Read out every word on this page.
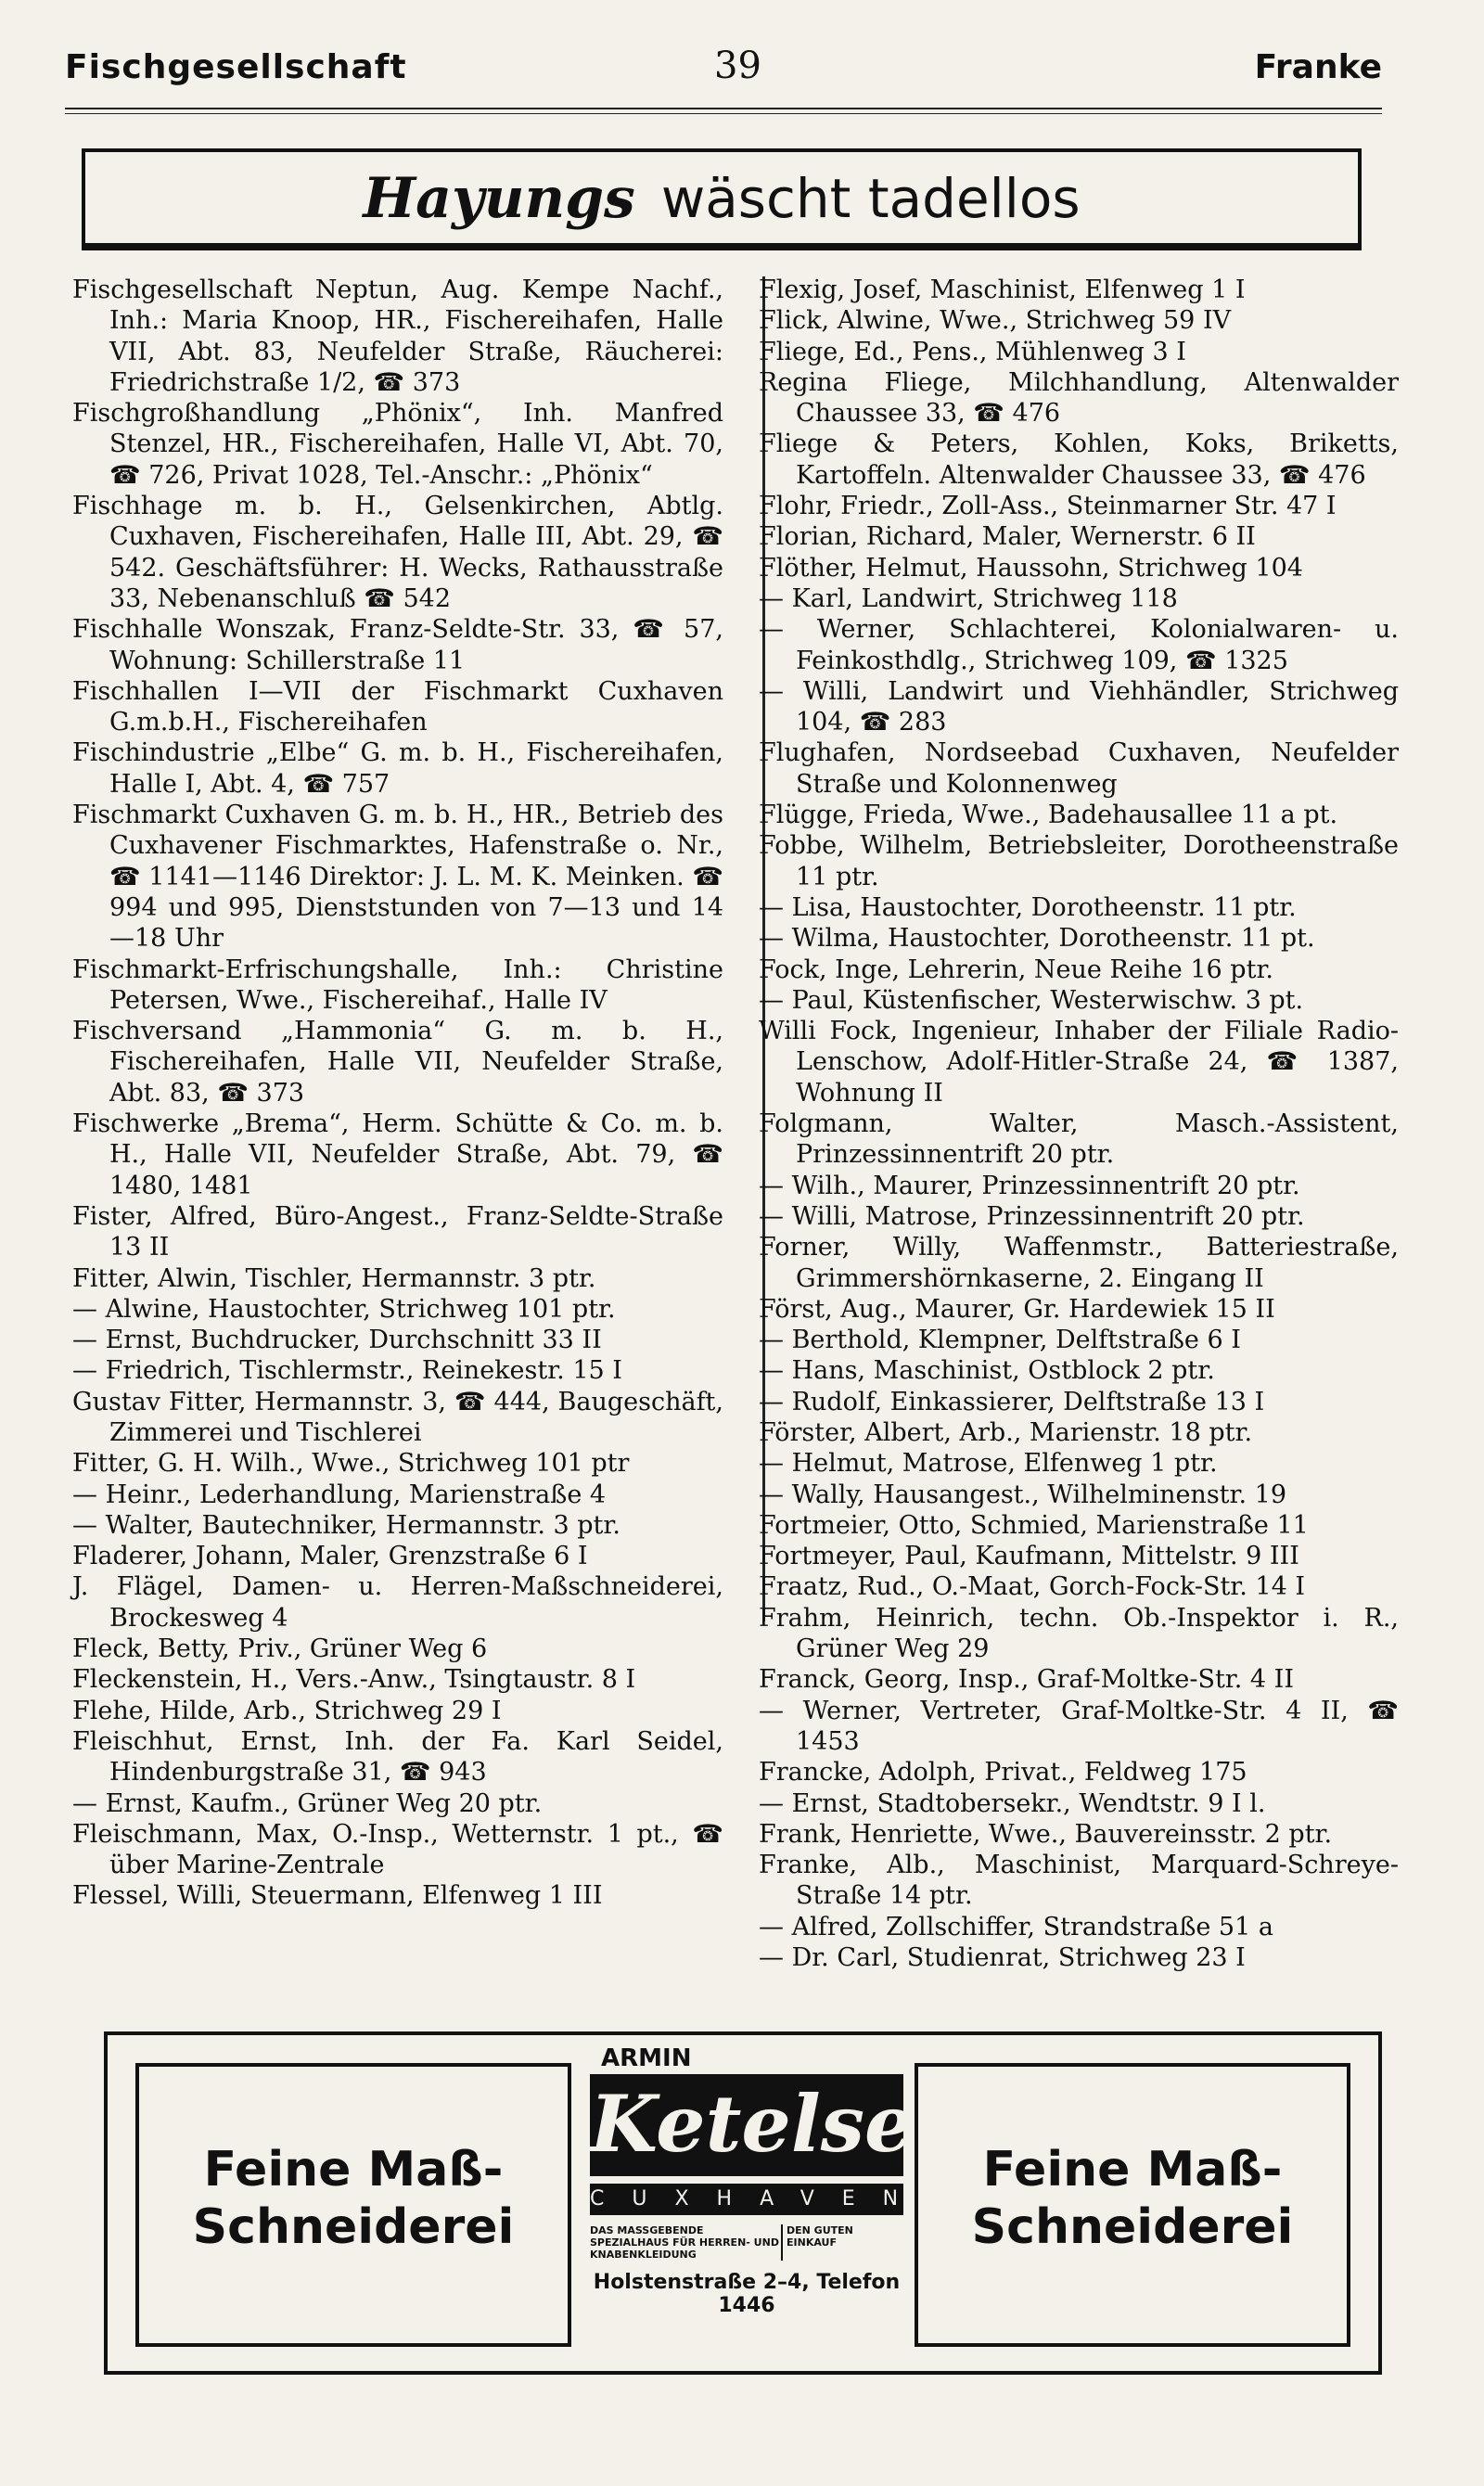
Fischgesellschaft	39	Franke
Hayungs wäscht tadellos
Fischgesellschaft Neptun, Aug. Kempe Nachf., Inh.: Maria Knoop, HR., Fischereihafen, Halle VII, Abt. 83, Neufelder Straße, Räucherei: Friedrichstraße 1/2, ☎ 373
Fischgroßhandlung „Phönix“, Inh. Manfred Stenzel, HR., Fischereihafen, Halle VI, Abt. 70, ☎ 726, Privat 1028, Tel.-Anschr.: „Phönix“
Fischhage m. b. H., Gelsenkirchen, Abtlg. Cuxhaven, Fischereihafen, Halle III, Abt. 29, ☎ 542. Geschäftsführer: H. Wecks, Rathausstraße 33, Nebenanschluß ☎ 542
Fischhalle Wonszak, Franz-Seldte-Str. 33, ☎ 57, Wohnung: Schillerstraße 11
Fischhallen I—VII der Fischmarkt Cuxhaven G.m.b.H., Fischereihafen
Fischindustrie „Elbe“ G. m. b. H., Fischereihafen, Halle I, Abt. 4, ☎ 757
Fischmarkt Cuxhaven G. m. b. H., HR., Betrieb des Cuxhavener Fischmarktes, Hafenstraße o. Nr., ☎ 1141—1146 Direktor: J. L. M. K. Meinken. ☎ 994 und 995, Dienststunden von 7—13 und 14—18 Uhr
Fischmarkt-Erfrischungshalle, Inh.: Christine Petersen, Wwe., Fischereihaf., Halle IV
Fischversand „Hammonia“ G. m. b. H., Fischereihafen, Halle VII, Neufelder Straße, Abt. 83, ☎ 373
Fischwerke „Brema“, Herm. Schütte & Co. m. b. H., Halle VII, Neufelder Straße, Abt. 79, ☎ 1480, 1481
Fister, Alfred, Büro-Angest., Franz-Seldte-Straße 13 II
Fitter, Alwin, Tischler, Hermannstr. 3 ptr.
— Alwine, Haustochter, Strichweg 101 ptr.
— Ernst, Buchdrucker, Durchschnitt 33 II
— Friedrich, Tischlermstr., Reinekestr. 15 I
Gustav Fitter, Hermannstr. 3, ☎ 444, Baugeschäft, Zimmerei und Tischlerei
Fitter, G. H. Wilh., Wwe., Strichweg 101 ptr
— Heinr., Lederhandlung, Marienstraße 4
— Walter, Bautechniker, Hermannstr. 3 ptr.
Fladerer, Johann, Maler, Grenzstraße 6 I
J. Flägel, Damen- u. Herren-Maßschneiderei, Brockesweg 4
Fleck, Betty, Priv., Grüner Weg 6
Fleckenstein, H., Vers.-Anw., Tsingtaustr. 8 I
Flehe, Hilde, Arb., Strichweg 29 I
Fleischhut, Ernst, Inh. der Fa. Karl Seidel, Hindenburgstraße 31, ☎ 943
— Ernst, Kaufm., Grüner Weg 20 ptr.
Fleischmann, Max, O.-Insp., Wetternstr. 1 pt., ☎ über Marine-Zentrale
Flessel, Willi, Steuermann, Elfenweg 1 III
Flexig, Josef, Maschinist, Elfenweg 1 I
Flick, Alwine, Wwe., Strichweg 59 IV
Fliege, Ed., Pens., Mühlenweg 3 I
Regina Fliege, Milchhandlung, Altenwalder Chaussee 33, ☎ 476
Fliege & Peters, Kohlen, Koks, Briketts, Kartoffeln. Altenwalder Chaussee 33, ☎ 476
Flohr, Friedr., Zoll-Ass., Steinmarner Str. 47 I
Florian, Richard, Maler, Wernerstr. 6 II
Flöther, Helmut, Haussohn, Strichweg 104
— Karl, Landwirt, Strichweg 118
— Werner, Schlachterei, Kolonialwaren- u. Feinkosthdlg., Strichweg 109, ☎ 1325
— Willi, Landwirt und Viehhändler, Strichweg 104, ☎ 283
Flughafen, Nordseebad Cuxhaven, Neufelder Straße und Kolonnenweg
Flügge, Frieda, Wwe., Badehausallee 11 a pt.
Fobbe, Wilhelm, Betriebsleiter, Dorotheenstraße 11 ptr.
— Lisa, Haustochter, Dorotheenstr. 11 ptr.
— Wilma, Haustochter, Dorotheenstr. 11 pt.
Fock, Inge, Lehrerin, Neue Reihe 16 ptr.
— Paul, Küstenfischer, Westerwischw. 3 pt.
Willi Fock, Ingenieur, Inhaber der Filiale Radio-Lenschow, Adolf-Hitler-Straße 24, ☎ 1387, Wohnung II
Folgmann, Walter, Masch.-Assistent, Prinzessinnentrift 20 ptr.
— Wilh., Maurer, Prinzessinnentrift 20 ptr.
— Willi, Matrose, Prinzessinnentrift 20 ptr.
Forner, Willy, Waffenmstr., Batteriestraße, Grimmershörnkaserne, 2. Eingang II
Först, Aug., Maurer, Gr. Hardewiek 15 II
— Berthold, Klempner, Delftstraße 6 I
— Hans, Maschinist, Ostblock 2 ptr.
— Rudolf, Einkassierer, Delftstraße 13 I
Förster, Albert, Arb., Marienstr. 18 ptr.
— Helmut, Matrose, Elfenweg 1 ptr.
— Wally, Hausangest., Wilhelminenstr. 19
Fortmeier, Otto, Schmied, Marienstraße 11
Fortmeyer, Paul, Kaufmann, Mittelstr. 9 III
Fraatz, Rud., O.-Maat, Gorch-Fock-Str. 14 I
Frahm, Heinrich, techn. Ob.-Inspektor i. R., Grüner Weg 29
Franck, Georg, Insp., Graf-Moltke-Str. 4 II
— Werner, Vertreter, Graf-Moltke-Str. 4 II, ☎ 1453
Francke, Adolph, Privat., Feldweg 175
— Ernst, Stadtobersekr., Wendtstr. 9 I l.
Frank, Henriette, Wwe., Bauvereinsstr. 2 ptr.
Franke, Alb., Maschinist, Marquard-Schreye-Straße 14 ptr.
— Alfred, Zollschiffer, Strandstraße 51 a
— Dr. Carl, Studienrat, Strichweg 23 I
Feine Maß-Schneiderei
ARMIN
Ketelsen
CUXHAVEN
DAS MASSGEBENDE SPEZIALHAUS FÜR HERREN- UND KNABENKLEIDUNG
DEN GUTEN EINKAUF
Holstenstraße 2–4, Telefon 1446
Feine Maß-Schneiderei
